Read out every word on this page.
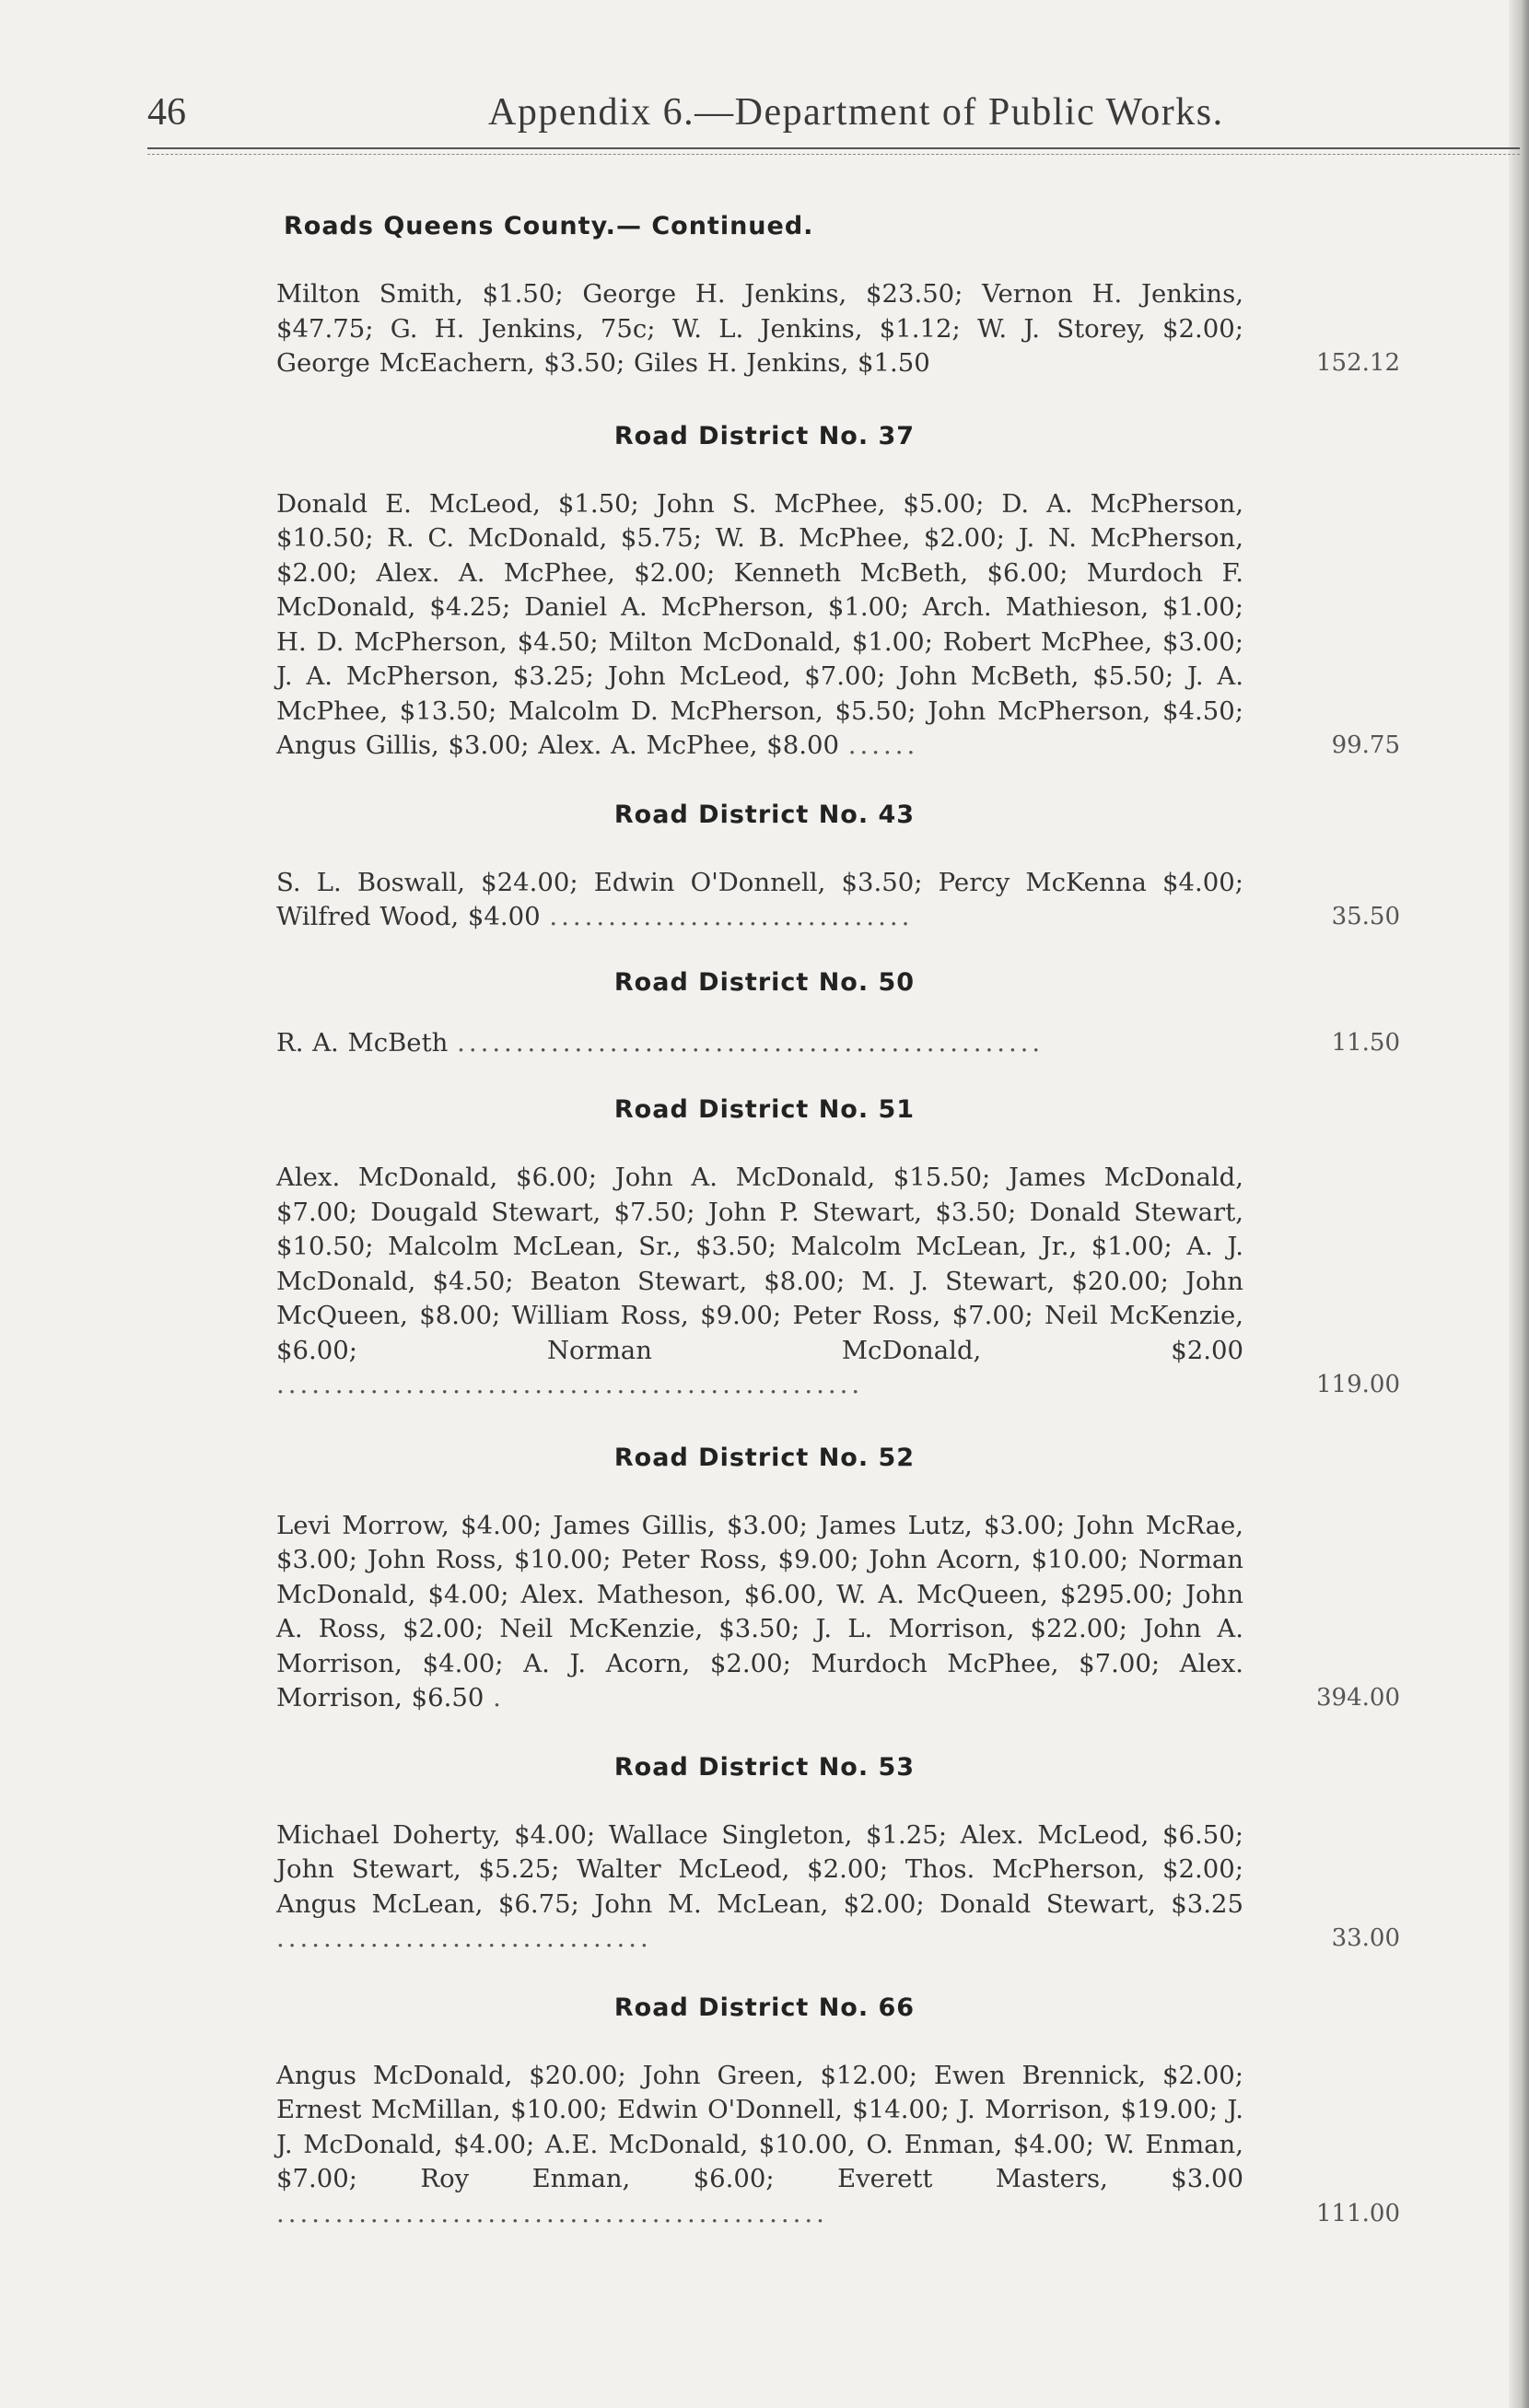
46	Appendix 6.—Department of Public Works.

Roads Queens County.— Continued.

Milton Smith, $1.50; George H. Jenkins, $23.50; Vernon H. Jenkins, $47.75; G. H. Jenkins, 75c; W. L. Jenkins, $1.12; W. J. Storey, $2.00; George McEachern, $3.50; Giles H. Jenkins, $1.50	152.12

Road District No. 37

Donald E. McLeod, $1.50; John S. McPhee, $5.00; D. A. McPherson, $10.50; R. C. McDonald, $5.75; W. B. McPhee, $2.00; J. N. McPherson, $2.00; Alex. A. McPhee, $2.00; Kenneth McBeth, $6.00; Murdoch F. McDonald, $4.25; Daniel A. McPherson, $1.00; Arch. Mathieson, $1.00; H. D. McPherson, $4.50; Milton McDonald, $1.00; Robert McPhee, $3.00; J. A. McPherson, $3.25; John McLeod, $7.00; John McBeth, $5.50; J. A. McPhee, $13.50; Malcolm D. McPherson, $5.50; John McPherson, $4.50; Angus Gillis, $3.00; Alex. A. McPhee, $8.00 ......	99.75

Road District No. 43

S. L. Boswall, $24.00; Edwin O'Donnell, $3.50; Percy McKenna $4.00; Wilfred Wood, $4.00 ...............................	35.50

Road District No. 50

R. A. McBeth ..................................................	11.50

Road District No. 51

Alex. McDonald, $6.00; John A. McDonald, $15.50; James McDonald, $7.00; Dougald Stewart, $7.50; John P. Stewart, $3.50; Donald Stewart, $10.50; Malcolm McLean, Sr., $3.50; Malcolm McLean, Jr., $1.00; A. J. McDonald, $4.50; Beaton Stewart, $8.00; M. J. Stewart, $20.00; John McQueen, $8.00; William Ross, $9.00; Peter Ross, $7.00; Neil McKenzie, $6.00; Norman McDonald, $2.00 ..................................................	119.00

Road District No. 52

Levi Morrow, $4.00; James Gillis, $3.00; James Lutz, $3.00; John McRae, $3.00; John Ross, $10.00; Peter Ross, $9.00; John Acorn, $10.00; Norman McDonald, $4.00; Alex. Matheson, $6.00, W. A. McQueen, $295.00; John A. Ross, $2.00; Neil McKenzie, $3.50; J. L. Morrison, $22.00; John A. Morrison, $4.00; A. J. Acorn, $2.00; Murdoch McPhee, $7.00; Alex. Morrison, $6.50 .	394.00

Road District No. 53

Michael Doherty, $4.00; Wallace Singleton, $1.25; Alex. McLeod, $6.50; John Stewart, $5.25; Walter McLeod, $2.00; Thos. McPherson, $2.00; Angus McLean, $6.75; John M. McLean, $2.00; Donald Stewart, $3.25 ................................	33.00

Road District No. 66

Angus McDonald, $20.00; John Green, $12.00; Ewen Brennick, $2.00; Ernest McMillan, $10.00; Edwin O'Donnell, $14.00; J. Morrison, $19.00; J. J. McDonald, $4.00; A.E. McDonald, $10.00, O. Enman, $4.00; W. Enman, $7.00; Roy Enman, $6.00; Everett Masters, $3.00 ...............................................	111.00
